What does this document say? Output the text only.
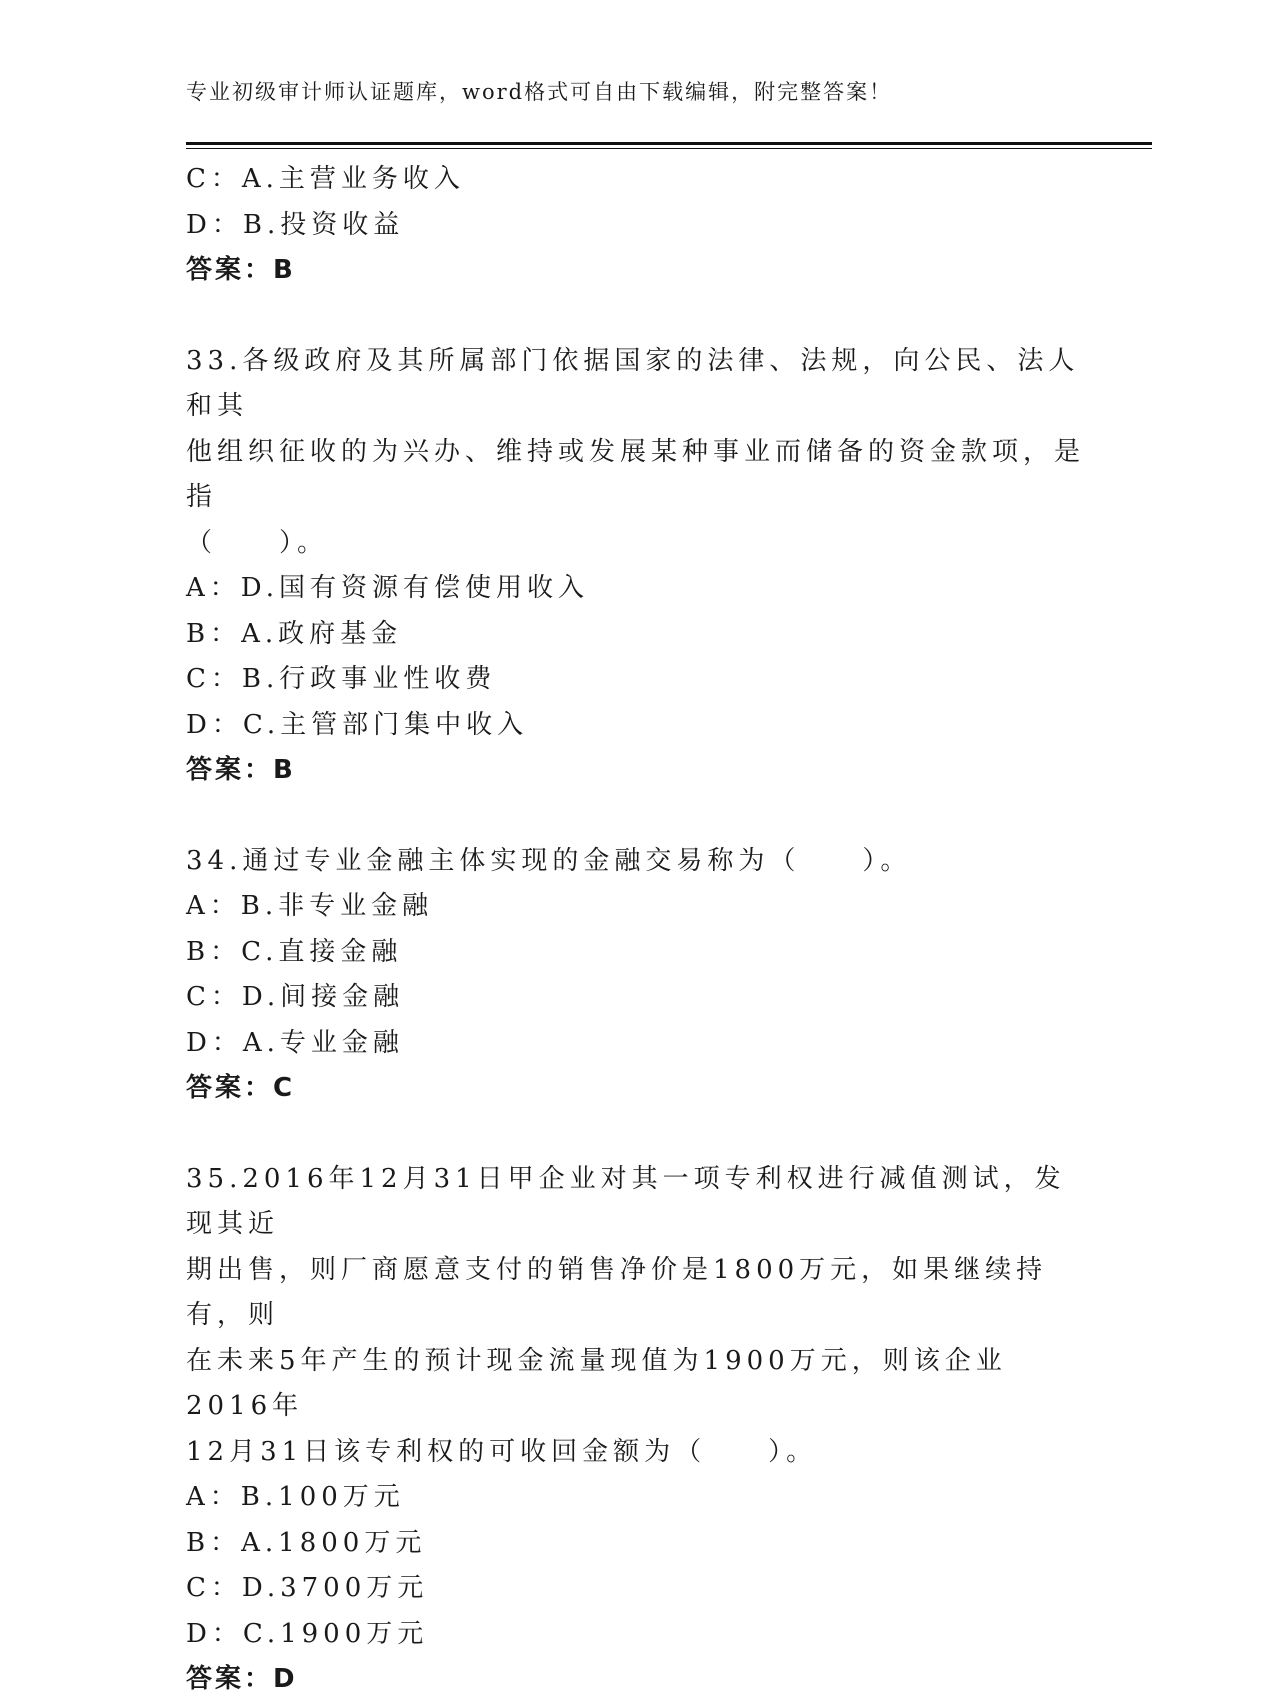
专业初级审计师认证题库，word格式可自由下载编辑，附完整答案！
C：A.主营业务收入
D：B.投资收益
答案：B
33.各级政府及其所属部门依据国家的法律、法规，向公民、法人和其
他组织征收的为兴办、维持或发展某种事业而储备的资金款项，是指
（　　）。
A：D.国有资源有偿使用收入
B：A.政府基金
C：B.行政事业性收费
D：C.主管部门集中收入
答案：B
34.通过专业金融主体实现的金融交易称为（　　）。
A：B.非专业金融
B：C.直接金融
C：D.间接金融
D：A.专业金融
答案：C
35.2016年12月31日甲企业对其一项专利权进行减值测试，发现其近
期出售，则厂商愿意支付的销售净价是1800万元，如果继续持有，则
在未来5年产生的预计现金流量现值为1900万元，则该企业2016年
12月31日该专利权的可收回金额为（　　）。
A：B.100万元
B：A.1800万元
C：D.3700万元
D：C.1900万元
答案：D
